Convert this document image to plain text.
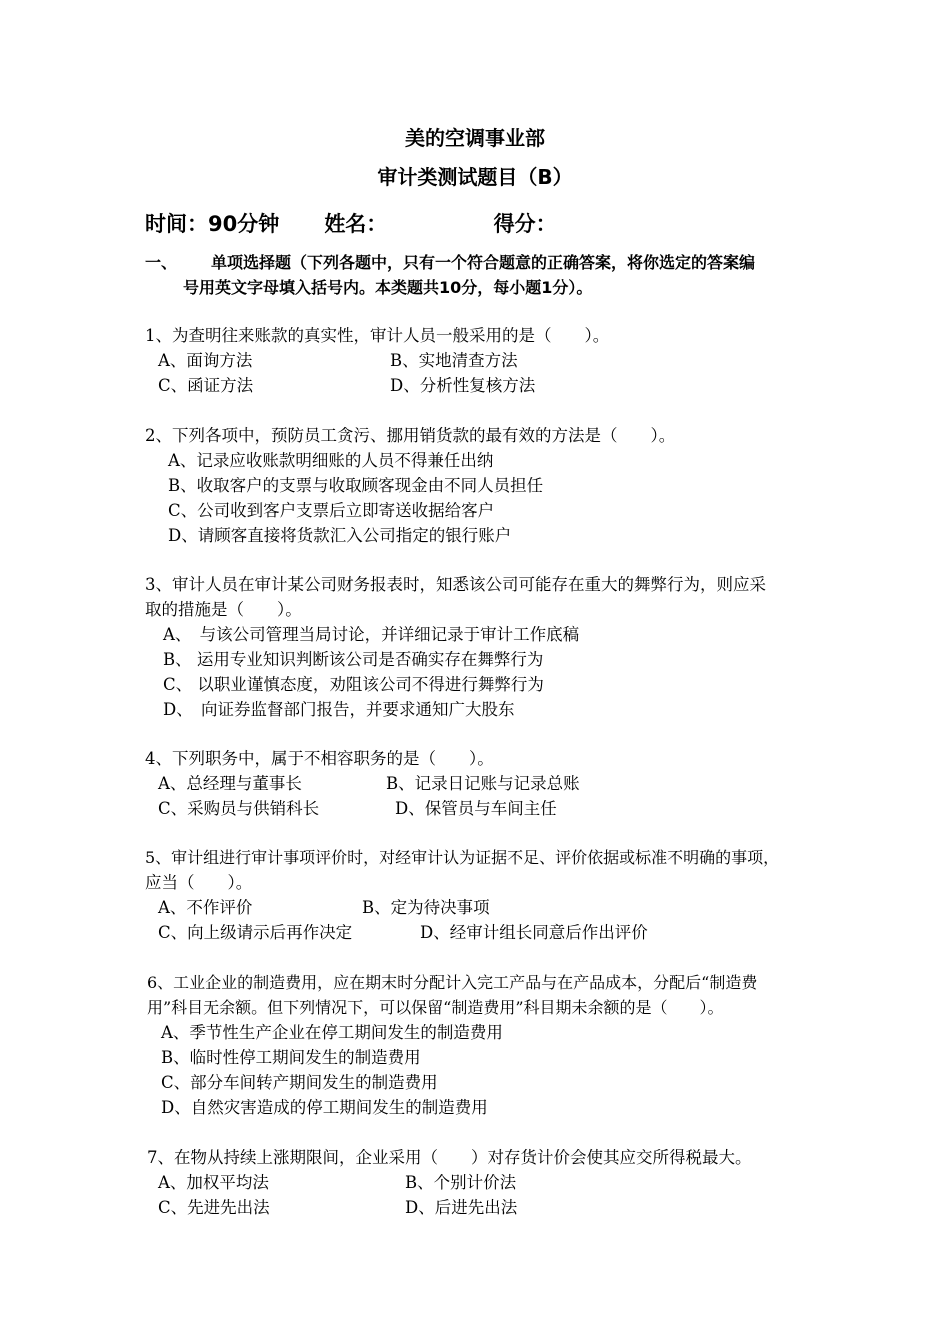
美的空调事业部
审计类测试题目（B）
时间：90分钟 姓名：	得分：
一、 单项选择题（下列各题中，只有一个符合题意的正确答案，将你选定的答案编
号用英文字母填入括号内。本类题共10分，每小题1分）。
1、为查明往来账款的真实性，审计人员一般采用的是（　　）。
A、面询方法	B、实地清查方法
C、函证方法	D、分析性复核方法
2、下列各项中，预防员工贪污、挪用销货款的最有效的方法是（　　）。
A、记录应收账款明细账的人员不得兼任出纳
B、收取客户的支票与收取顾客现金由不同人员担任
C、公司收到客户支票后立即寄送收据给客户
D、请顾客直接将货款汇入公司指定的银行账户
3、审计人员在审计某公司财务报表时，知悉该公司可能存在重大的舞弊行为，则应采
取的措施是（　　）。
A、　与该公司管理当局讨论，并详细记录于审计工作底稿
B、 运用专业知识判断该公司是否确实存在舞弊行为
C、 以职业谨慎态度，劝阻该公司不得进行舞弊行为
D、　向证券监督部门报告，并要求通知广大股东
4、下列职务中，属于不相容职务的是（　　）。
A、总经理与董事长	B、记录日记账与记录总账
C、采购员与供销科长	D、保管员与车间主任
5、审计组进行审计事项评价时，对经审计认为证据不足、评价依据或标准不明确的事项，
应当（　　）。
A、不作评价	B、定为待决事项
C、向上级请示后再作决定	D、经审计组长同意后作出评价
6、工业企业的制造费用，应在期末时分配计入完工产品与在产品成本，分配后“制造费
用”科目无余额。但下列情况下，可以保留“制造费用”科目期未余额的是（　　）。
A、季节性生产企业在停工期间发生的制造费用
B、临时性停工期间发生的制造费用
C、部分车间转产期间发生的制造费用
D、自然灾害造成的停工期间发生的制造费用
7、在物从持续上涨期限间，企业采用（　　）对存货计价会使其应交所得税最大。
A、加权平均法	B、个别计价法
C、先进先出法	D、后进先出法
